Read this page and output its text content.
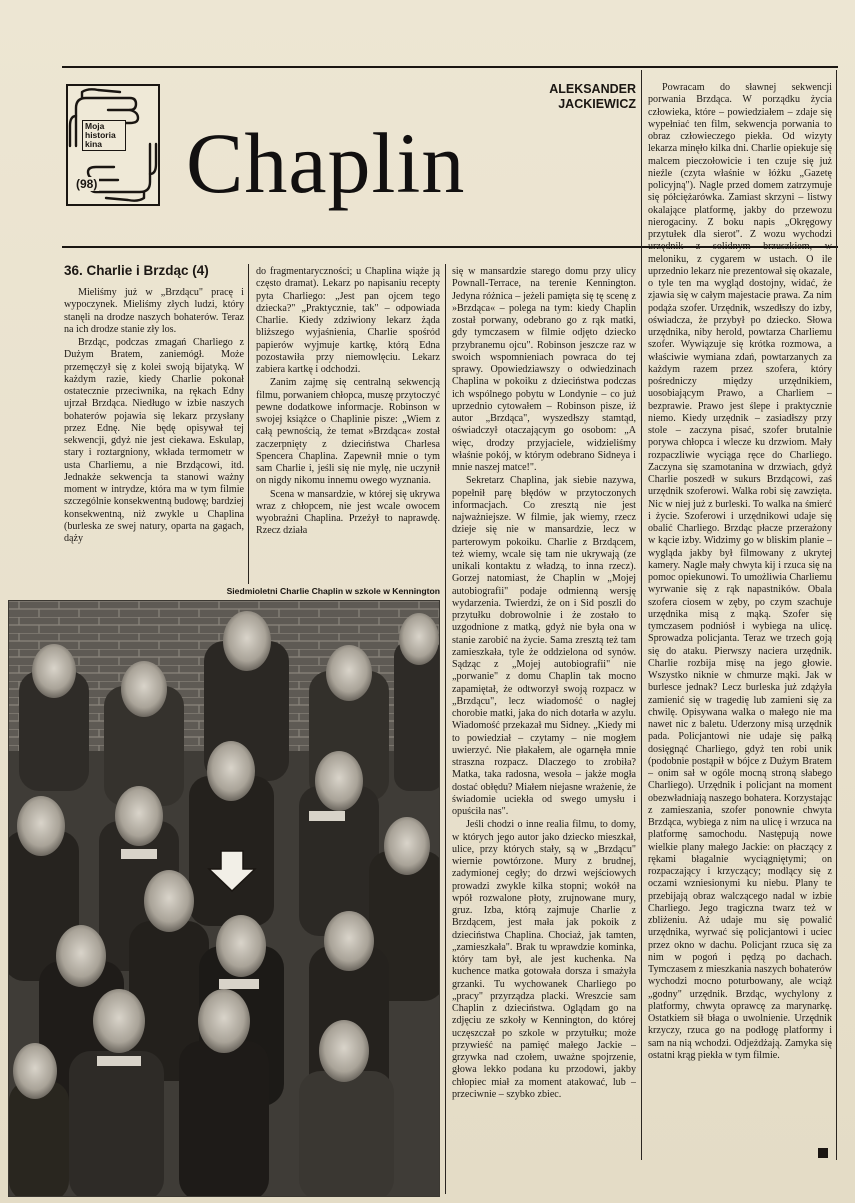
Moja
historia
kina
(98) Chaplin
ALEKSANDER
JACKIEWICZ
36. Charlie i Brzdąc (4)

Mieliśmy już w „Brzdącu" pracę i wypoczynek. Mieliśmy złych ludzi, który stanęli na drodze naszych bohaterów. Teraz na ich drodze stanie zły los.

Brzdąc, podczas zmagań Charliego z Dużym Bratem, zaniemógł. Może przemęczył się z kolei swoją bijatyką. W każdym razie, kiedy Charlie pokonał ostatecznie przeciwnika, na rękach Edny ujrzał Brzdąca. Niedługo w izbie naszych bohaterów pojawia się lekarz przysłany przez Ednę. Nie będę opisywał tej sekwencji, gdyż nie jest ciekawa. Eskulap, stary i roztargniony, wkłada termometr w usta Charliemu, a nie Brzdącowi, itd. Jednakże sekwencja ta stanowi ważny moment w intrydze, która ma w tym filmie szczególnie konsekwentną budowę; bardziej konsekwentną, niż zwykle u Chaplina (burleska ze swej natury, oparta na gagach, dąży

do fragmentaryczności; u Chaplina wiąże ją często dramat). Lekarz po napisaniu recepty pyta Charliego: „Jest pan ojcem tego dziecka?" „Praktycznie, tak" – odpowiada Charlie. Kiedy zdziwiony lekarz żąda bliższego wyjaśnienia, Charlie spośród papierów wyjmuje kartkę, którą Edna pozostawiła przy niemowlęciu. Lekarz zabiera kartkę i odchodzi.

Zanim zajmę się centralną sekwencją filmu, porwaniem chłopca, muszę przytoczyć pewne dodatkowe informacje. Robinson w swojej książce o Chaplinie pisze: „Wiem z całą pewnością, że temat »Brzdąca« został zaczerpnięty z dzieciństwa Charlesa Spencera Chaplina. Zapewnił mnie o tym sam Charlie i, jeśli się nie mylę, nie uczynił on nigdy nikomu innemu owego wyznania.

Scena w mansardzie, w której się ukrywa wraz z chłopcem, nie jest wcale owocem wyobraźni Chaplina. Przeżył to naprawdę. Rzecz działa

się w mansardzie starego domu przy ulicy Pownall-Terrace, na terenie Kennington. Jedyna różnica – jeżeli pamięta się tę scenę z »Brzdąca« – polega na tym: kiedy Chaplin został porwany, odebrano go z rąk matki, gdy tymczasem w filmie odjęto dziecko przybranemu ojcu". Robinson jeszcze raz w swoich wspomnieniach powraca do tej sprawy. Opowiedziawszy o odwiedzinach Chaplina w pokoiku z dzieciństwa podczas ich wspólnego pobytu w Londynie – co już uprzednio cytowałem – Robinson pisze, iż autor „Brzdąca", wyszedłszy stamtąd, oświadczył otaczającym go osobom: „A więc, drodzy przyjaciele, widzieliśmy właśnie pokój, w którym odebrano Sidneya i mnie naszej matce!".

Sekretarz Chaplina, jak siebie nazywa, popełnił parę błędów w przytoczonych informacjach. Co zresztą nie jest najważniejsze. W filmie, jak wiemy, rzecz dzieje się nie w mansardzie, lecz w parterowym pokoiku. Charlie z Brzdącem, też wiemy, wcale się tam nie ukrywają (ze unikali kontaktu z władzą, to inna rzecz). Gorzej natomiast, że Chaplin w „Mojej autobiografii" podaje odmienną wersję wydarzenia. Twierdzi, że on i Sid poszli do przytułku dobrowolnie i że zostało to uzgodnione z matką, gdyż nie była ona w stanie zarobić na życie. Sama zresztą też tam zamieszkała, tyle że oddzielona od synów. Sądząc z „Mojej autobiografii" nie „porwanie" z domu Chaplin tak mocno zapamiętał, że odtworzył swoją rozpacz w „Brzdącu", lecz wiadomość o nagłej chorobie matki, jaka do nich dotarła w azylu. Wiadomość przekazał mu Sidney. „Kiedy mi to powiedział – czytamy – nie mogłem uwierzyć. Nie płakałem, ale ogarnęła mnie straszna rozpacz. Dlaczego to zrobiła? Matka, taka radosna, wesoła – jakże mogła dostać obłędu? Miałem niejasne wrażenie, że świadomie uciekła od swego umysłu i opuściła nas".

Jeśli chodzi o inne realia filmu, to domy, w których jego autor jako dziecko mieszkał, ulice, przy których stały, są w „Brzdącu" wiernie powtórzone. Mury z brudnej, zadymionej cegły; do drzwi wejściowych prowadzi zwykle kilka stopni; wokół na wpół rozwalone płoty, zrujnowane mury, gruz. Izba, którą zajmuje Charlie z Brzdącem, jest mała jak pokoik z dzieciństwa Chaplina. Chociaż, jak tamten, „zamieszkała". Brak tu wprawdzie kominka, który tam był, ale jest kuchenka. Na kuchence matka gotowała dorsza i smażyła grzanki. Tu wychowanek Charliego po „pracy" przyrządza placki. Wreszcie sam Chaplin z dzieciństwa. Oglądam go na zdjęciu ze szkoły w Kennington, do której uczęszczał po szkole w przytułku; może przywieść na pamięć małego Jackie – grzywka nad czołem, uważne spojrzenie, głowa lekko podana ku przodowi, jakby chłopiec miał za moment atakować, lub – przeciwnie – szybko zbiec.

Powracam do sławnej sekwencji porwania Brzdąca. W porządku życia człowieka, które – powiedziałem – zdaje się wypełniać ten film, sekwencja porwania to obraz człowieczego piekła. Od wizyty lekarza minęło kilka dni. Charlie opiekuje się malcem pieczołowicie i ten czuje się już nieźle (czyta właśnie w łóżku „Gazetę policyjną"). Nagle przed domem zatrzymuje się półciężarówka. Zamiast skrzyni – listwy okalające platformę, jakby do przewozu nierogaciny. Z boku napis „Okręgowy przytułek dla sierot". Z wozu wychodzi urzędnik z solidnym brzuszkiem, w meloniku, z cygarem w ustach. O ile uprzednio lekarz nie prezentował się okazale, o tyle ten ma wygląd dostojny, widać, że zjawia się w całym majestacie prawa. Za nim podąża szofer. Urzędnik, wszedłszy do izby, oświadcza, że przybył po dziecko. Słowa urzędnika, niby herold, powtarza Charliemu szofer. Wywiązuje się krótka rozmowa, a właściwie wymiana zdań, powtarzanych za każdym razem przez szofera, który pośredniczy między urzędnikiem, uosobiającym Prawo, a Charliem – bezprawie. Prawo jest ślepe i praktycznie niemo. Kiedy urzędnik – zasiadłszy przy stole – zaczyna pisać, szofer brutalnie porywa chłopca i wlecze ku drzwiom. Mały rozpaczliwie wyciąga ręce do Charliego. Zaczyna się szamotanina w drzwiach, gdyż Charlie poszedł w sukurs Brzdącowi, zaś urzędnik szoferowi. Walka robi się zawzięta. Nic w niej już z burleski. To walka na śmierć i życie. Szoferowi i urzędnikowi udaje się obalić Charliego. Brzdąc płacze przerażony w kącie izby. Widzimy go w bliskim planie – wygląda jakby był filmowany z ukrytej kamery. Nagle mały chwyta kij i rzuca się na pomoc opiekunowi. To umożliwia Charliemu wyrwanie się z rąk napastników. Obala szofera ciosem w zęby, po czym szachuje urzędnika misą z mąką. Szofer się tymczasem podniósł i wybiega na ulicę. Sprowadza policjanta. Teraz we trzech goją się do ataku. Pierwszy naciera urzędnik. Charlie rozbija misę na jego głowie. Wszystko niknie w chmurze mąki. Jak w burlesce jednak? Lecz burleska już zdążyła zamienić się w tragedię lub zamieni się za chwilę. Opisywana walka o małego nie ma nawet nic z baletu. Uderzony misą urzędnik pada. Policjantowi nie udaje się pałką dosięgnąć Charliego, gdyż ten robi unik (podobnie postąpił w bójce z Dużym Bratem – onim sał w ogóle mocną stroną słabego Charliego). Urzędnik i policjant na moment obezwładniają naszego bohatera. Korzystając z zamieszania, szofer ponownie chwyta Brzdąca, wybiega z nim na ulicę i wrzuca na platformę samochodu. Następują nowe wielkie plany małego Jackie: on płaczący z rękami błagalnie wyciągniętymi; on rozpaczający i krzyczący; modlący się z oczami wzniesionymi ku niebu. Plany te przebijają obraz walczącego nadal w izbie Charliego. Jego tragiczna twarz też w zbliżeniu. Aż udaje mu się powalić urzędnika, wyrwać się policjantowi i uciec przez okno w dachu. Policjant rzuca się za nim w pogoń i pędzą po dachach. Tymczasem z mieszkania naszych bohaterów wychodzi mocno poturbowany, ale wciąż „godny" urzędnik. Brzdąc, wychylony z platformy, chwyta oprawcę za marynarkę. Ostatkiem sił błaga o uwolnienie. Urzędnik krzyczy, rzuca go na podłogę platformy i sam na nią wchodzi. Odjeżdżają. Zamyka się ostatni krąg piekła w tym filmie.

Siedmioletni Charlie Chaplin w szkole w Kennington
